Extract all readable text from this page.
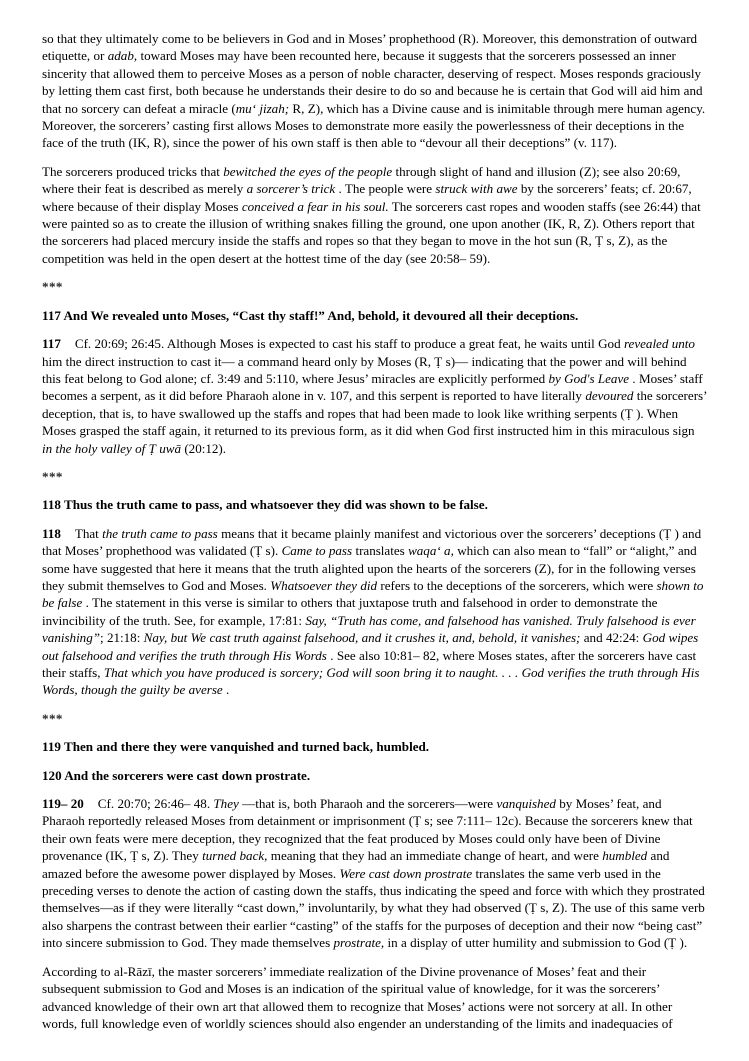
so that they ultimately come to be believers in God and in Moses’ prophethood (R). Moreover, this demonstration of outward etiquette, or adab, toward Moses may have been recounted here, because it suggests that the sorcerers possessed an inner sincerity that allowed them to perceive Moses as a person of noble character, deserving of respect. Moses responds graciously by letting them cast first, both because he understands their desire to do so and because he is certain that God will aid him and that no sorcery can defeat a miracle (mu‘ jizah; R, Z), which has a Divine cause and is inimitable through mere human agency. Moreover, the sorcerers’ casting first allows Moses to demonstrate more easily the powerlessness of their deceptions in the face of the truth (IK, R), since the power of his own staff is then able to “devour all their deceptions” (v. 117).

The sorcerers produced tricks that bewitched the eyes of the people through slight of hand and illusion (Z); see also 20:69, where their feat is described as merely a sorcerer’s trick . The people were struck with awe by the sorcerers’ feats; cf. 20:67, where because of their display Moses conceived a fear in his soul. The sorcerers cast ropes and wooden staffs (see 26:44) that were painted so as to create the illusion of writhing snakes filling the ground, one upon another (IK, R, Z). Others report that the sorcerers had placed mercury inside the staffs and ropes so that they began to move in the hot sun (R, Ṭ s, Z), as the competition was held in the open desert at the hottest time of the day (see 20:58– 59).

***

117 And We revealed unto Moses, “Cast thy staff!” And, behold, it devoured all their deceptions.

117 Cf. 20:69; 26:45. Although Moses is expected to cast his staff to produce a great feat, he waits until God revealed unto him the direct instruction to cast it— a command heard only by Moses (R, Ṭ s)— indicating that the power and will behind this feat belong to God alone; cf. 3:49 and 5:110, where Jesus’ miracles are explicitly performed by God's Leave . Moses’ staff becomes a serpent, as it did before Pharaoh alone in v. 107, and this serpent is reported to have literally devoured the sorcerers’ deception, that is, to have swallowed up the staffs and ropes that had been made to look like writhing serpents (Ṭ ). When Moses grasped the staff again, it returned to its previous form, as it did when God first instructed him in this miraculous sign in the holy valley of Ṭ uwā (20:12).

***

118 Thus the truth came to pass, and whatsoever they did was shown to be false.

118 That the truth came to pass means that it became plainly manifest and victorious over the sorcerers’ deceptions (Ṭ ) and that Moses’ prophethood was validated (Ṭ s). Came to pass translates waqa‘ a, which can also mean to “fall” or “alight,” and some have suggested that here it means that the truth alighted upon the hearts of the sorcerers (Z), for in the following verses they submit themselves to God and Moses. Whatsoever they did refers to the deceptions of the sorcerers, which were shown to be false . The statement in this verse is similar to others that juxtapose truth and falsehood in order to demonstrate the invincibility of the truth. See, for example, 17:81: Say, “Truth has come, and falsehood has vanished. Truly falsehood is ever vanishing”; 21:18: Nay, but We cast truth against falsehood, and it crushes it, and, behold, it vanishes; and 42:24: God wipes out falsehood and verifies the truth through His Words . See also 10:81– 82, where Moses states, after the sorcerers have cast their staffs, That which you have produced is sorcery; God will soon bring it to naught. . . . God verifies the truth through His Words, though the guilty be averse .

***

119 Then and there they were vanquished and turned back, humbled.

120 And the sorcerers were cast down prostrate.

119– 20 Cf. 20:70; 26:46– 48. They —that is, both Pharaoh and the sorcerers—were vanquished by Moses’ feat, and Pharaoh reportedly released Moses from detainment or imprisonment (Ṭ s; see 7:111– 12c). Because the sorcerers knew that their own feats were mere deception, they recognized that the feat produced by Moses could only have been of Divine provenance (IK, Ṭ s, Z). They turned back, meaning that they had an immediate change of heart, and were humbled and amazed before the awesome power displayed by Moses. Were cast down prostrate translates the same verb used in the preceding verses to denote the action of casting down the staffs, thus indicating the speed and force with which they prostrated themselves—as if they were literally “cast down,” involuntarily, by what they had observed (Ṭ s, Z). The use of this same verb also sharpens the contrast between their earlier “casting” of the staffs for the purposes of deception and their now “being cast” into sincere submission to God. They made themselves prostrate, in a display of utter humility and submission to God (Ṭ ).

According to al-Rāzī, the master sorcerers’ immediate realization of the Divine provenance of Moses’ feat and their subsequent submission to God and Moses is an indication of the spiritual value of knowledge, for it was the sorcerers’ advanced knowledge of their own art that allowed them to recognize that Moses’ actions were not sorcery at all. In other words, full knowledge even of worldly sciences should also engender an understanding of the limits and inadequacies of
